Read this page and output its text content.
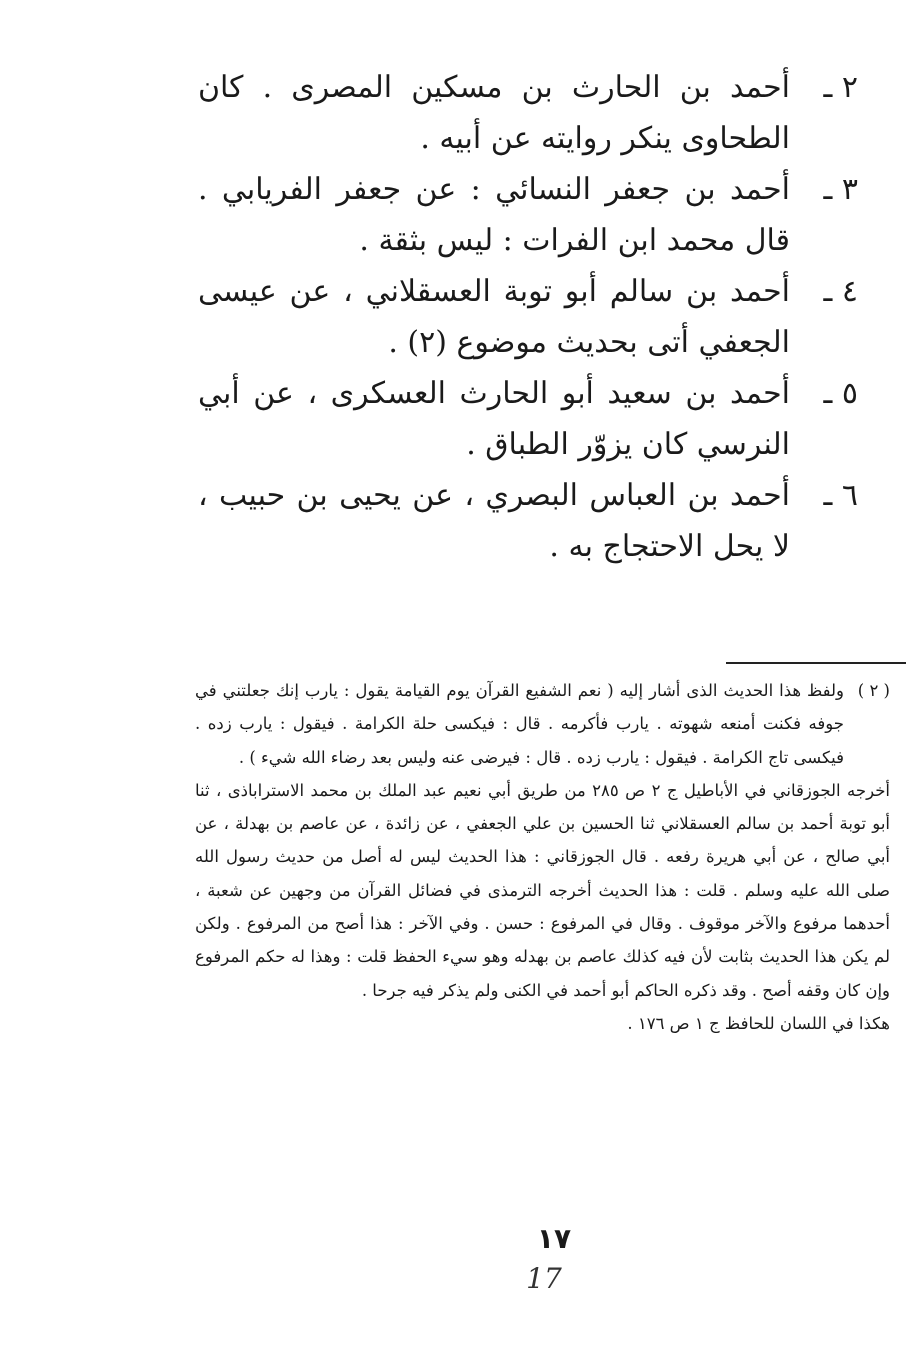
٢ ـ
أحمد بن الحارث بن مسكين المصرى . كان الطحاوى ينكر روايته عن أبيه .
٣ ـ
أحمد بن جعفر النسائي : عن جعفر الفريابي . قال محمد ابن الفرات : ليس بثقة .
٤ ـ
أحمد بن سالم أبو توبة العسقلاني ، عن عيسى الجعفي أتى بحديث موضوع (٢) .
٥ ـ
أحمد بن سعيد أبو الحارث العسكرى ، عن أبي النرسي كان يزوّر الطباق .
٦ ـ
أحمد بن العباس البصري ، عن يحيى بن حبيب ، لا يحل الاحتجاج به .

( ٢ )
ولفظ هذا الحديث الذى أشار إليه ( نعم الشفيع القرآن يوم القيامة يقول : يارب إنك جعلتني في جوفه فكنت أمنعه شهوته . يارب فأكرمه . قال : فيكسى حلة الكرامة . فيقول : يارب زده . فيكسى تاج الكرامة . فيقول : يارب زده . قال : فيرضى عنه وليس بعد رضاء الله شيء ) .

أخرجه الجوزقاني في الأباطيل ج ٢ ص ٢٨٥ من طريق أبي نعيم عبد الملك بن محمد الاستراباذى ، ثنا أبو توبة أحمد بن سالم العسقلاني ثنا الحسين بن علي الجعفي ، عن زائدة ، عن عاصم بن بهدلة ، عن أبي صالح ، عن أبي هريرة رفعه . قال الجوزقاني : هذا الحديث ليس له أصل من حديث رسول الله صلى الله عليه وسلم . قلت : هذا الحديث أخرجه الترمذى في فضائل القرآن من وجهين عن شعبة ، أحدهما مرفوع والآخر موقوف . وقال في المرفوع : حسن . وفي الآخر : هذا أصح من المرفوع . ولكن لم يكن هذا الحديث بثابت لأن فيه كذلك عاصم بن بهدله وهو سيء الحفظ قلت : وهذا له حكم المرفوع وإن كان وقفه أصح . وقد ذكره الحاكم أبو أحمد في الكنى ولم يذكر فيه جرحا .

هكذا في اللسان للحافظ ج ١ ص ١٧٦ .

١٧
17
